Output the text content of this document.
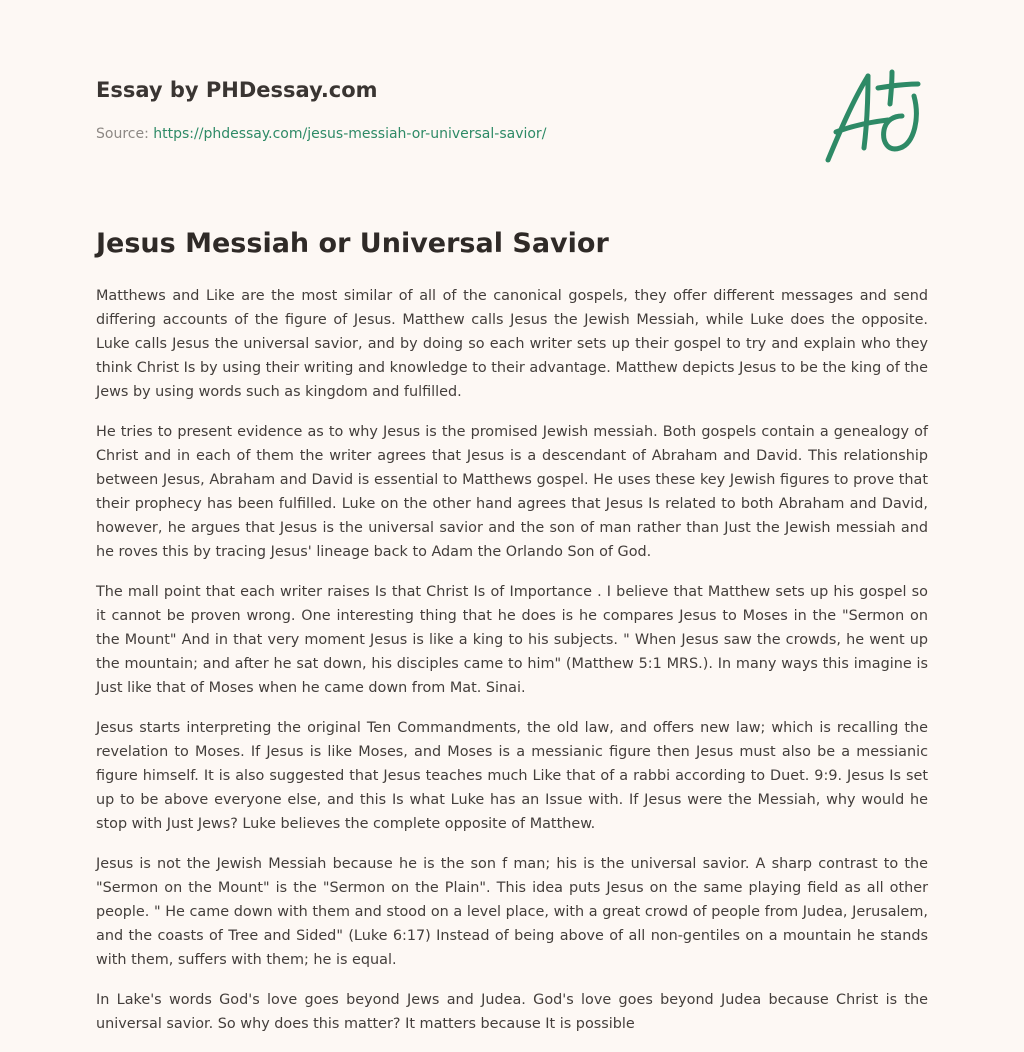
Essay by PHDessay.com
Source: https://phdessay.com/jesus-messiah-or-universal-savior/
Jesus Messiah or Universal Savior

Matthews and Like are the most similar of all of the canonical gospels, they offer different messages and send differing accounts of the figure of Jesus. Matthew calls Jesus the Jewish Messiah, while Luke does the opposite. Luke calls Jesus the universal savior, and by doing so each writer sets up their gospel to try and explain who they think Christ Is by using their writing and knowledge to their advantage. Matthew depicts Jesus to be the king of the Jews by using words such as kingdom and fulfilled.

He tries to present evidence as to why Jesus is the promised Jewish messiah. Both gospels contain a genealogy of Christ and in each of them the writer agrees that Jesus is a descendant of Abraham and David. This relationship between Jesus, Abraham and David is essential to Matthews gospel. He uses these key Jewish figures to prove that their prophecy has been fulfilled. Luke on the other hand agrees that Jesus Is related to both Abraham and David, however, he argues that Jesus is the universal savior and the son of man rather than Just the Jewish messiah and he roves this by tracing Jesus' lineage back to Adam the Orlando Son of God.

The mall point that each writer raises Is that Christ Is of Importance . I believe that Matthew sets up his gospel so it cannot be proven wrong. One interesting thing that he does is he compares Jesus to Moses in the "Sermon on the Mount" And in that very moment Jesus is like a king to his subjects. " When Jesus saw the crowds, he went up the mountain; and after he sat down, his disciples came to him" (Matthew 5:1 MRS.). In many ways this imagine is Just like that of Moses when he came down from Mat. Sinai.

Jesus starts interpreting the original Ten Commandments, the old law, and offers new law; which is recalling the revelation to Moses. If Jesus is like Moses, and Moses is a messianic figure then Jesus must also be a messianic figure himself. It is also suggested that Jesus teaches much Like that of a rabbi according to Duet. 9:9. Jesus Is set up to be above everyone else, and this Is what Luke has an Issue with. If Jesus were the Messiah, why would he stop with Just Jews? Luke believes the complete opposite of Matthew.

Jesus is not the Jewish Messiah because he is the son f man; his is the universal savior. A sharp contrast to the "Sermon on the Mount" is the "Sermon on the Plain". This idea puts Jesus on the same playing field as all other people. " He came down with them and stood on a level place, with a great crowd of people from Judea, Jerusalem, and the coasts of Tree and Sided" (Luke 6:17) Instead of being above of all non-gentiles on a mountain he stands with them, suffers with them; he is equal.

In Lake's words God's love goes beyond Jews and Judea. God's love goes beyond Judea because Christ is the universal savior. So why does this matter? It matters because It is possible
